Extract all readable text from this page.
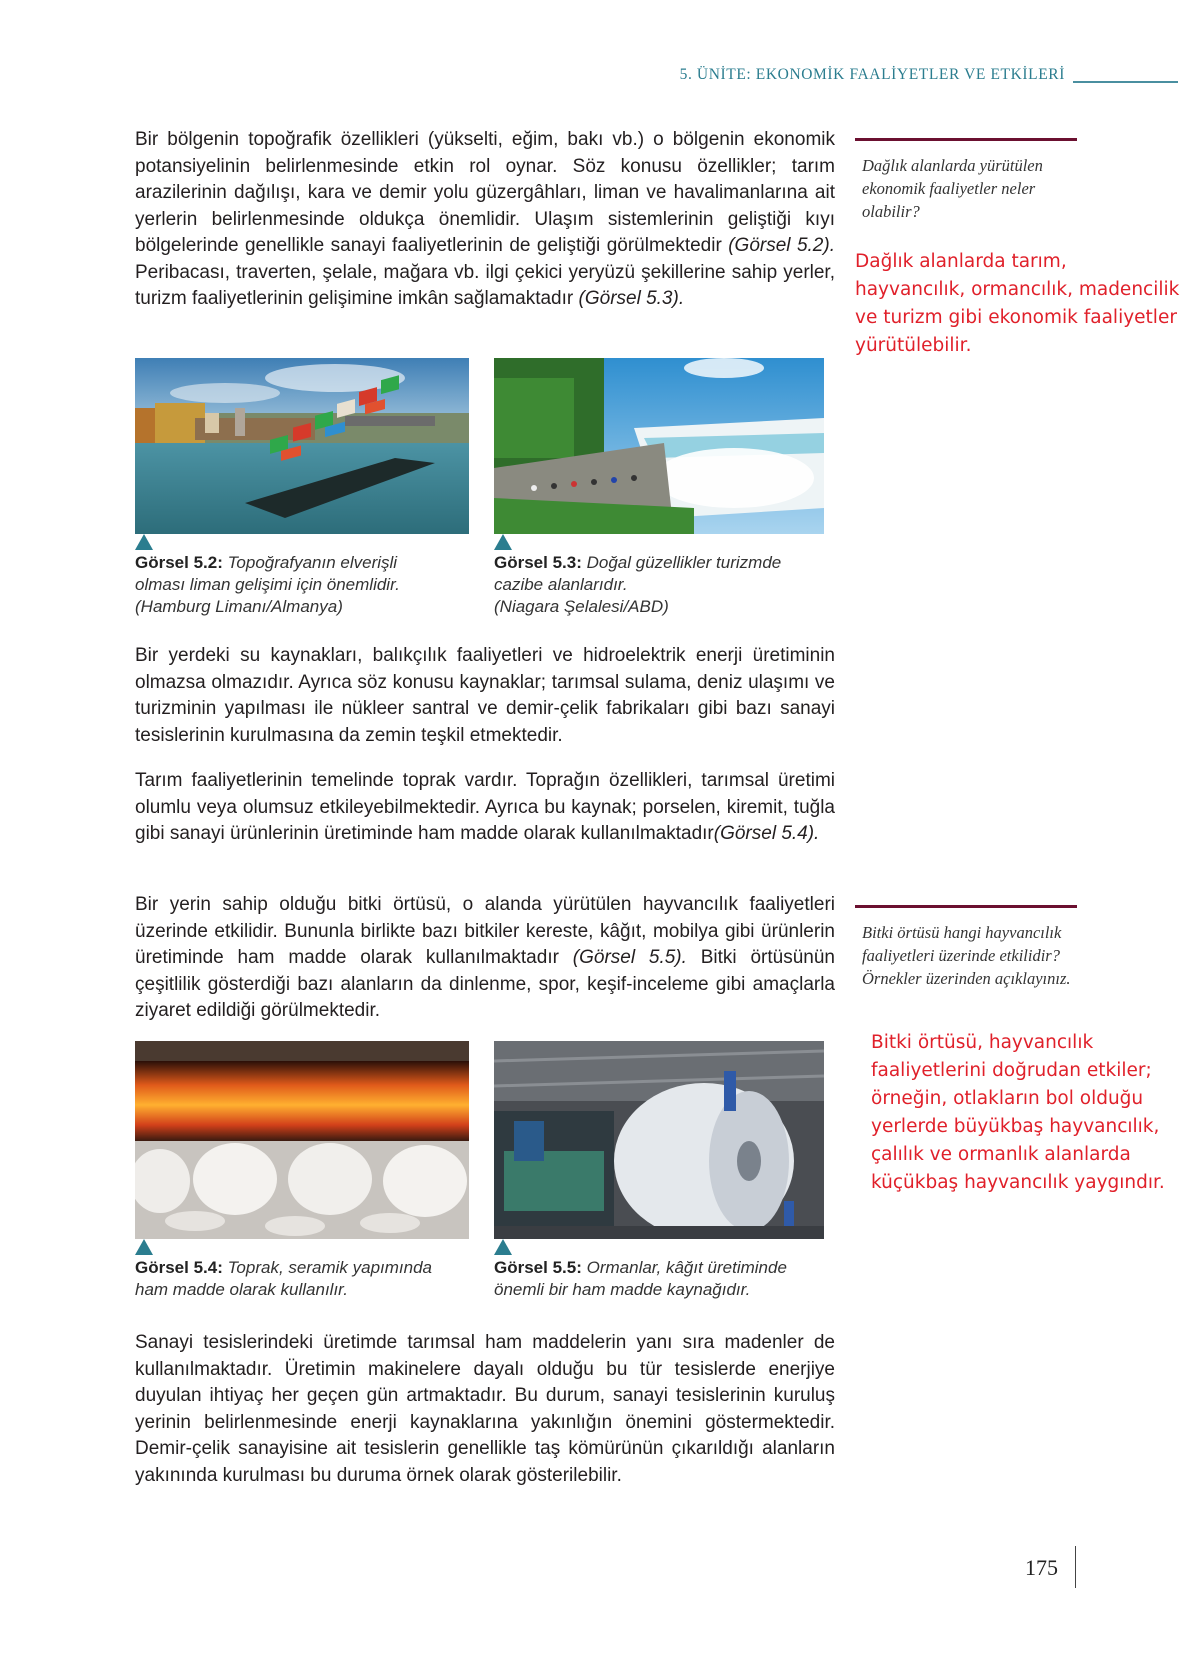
5. ÜNİTE: EKONOMİK FAALİYETLER VE ETKİLERİ

Bir bölgenin topoğrafik özellikleri (yükselti, eğim, bakı vb.) o bölgenin ekonomik potansiyelinin belirlenmesinde etkin rol oynar. Söz konusu özellikler; tarım arazilerinin dağılışı, kara ve demir yolu güzergâhları, liman ve havalimanlarına ait yerlerin belirlenmesinde oldukça önemlidir. Ulaşım sistemlerinin geliştiği kıyı bölgelerinde genellikle sanayi faaliyetlerinin de geliştiği görülmektedir (Görsel 5.2). Peribacası, traverten, şelale, mağara vb. ilgi çekici yeryüzü şekillerine sahip yerler, turizm faaliyetlerinin gelişimine imkân sağlamaktadır (Görsel 5.3).

Görsel 5.2: Topoğrafyanın elverişli olması liman gelişimi için önemlidir.
(Hamburg Limanı/Almanya)
Görsel 5.3: Doğal güzellikler turizmde cazibe alanlarıdır.
(Niagara Şelalesi/ABD)

Bir yerdeki su kaynakları, balıkçılık faaliyetleri ve hidroelektrik enerji üretiminin olmazsa olmazıdır. Ayrıca söz konusu kaynaklar; tarımsal sulama, deniz ulaşımı ve turizminin yapılması ile nükleer santral ve demir-çelik fabrikaları gibi bazı sanayi tesislerinin kurulmasına da zemin teşkil etmektedir.

Tarım faaliyetlerinin temelinde toprak vardır. Toprağın özellikleri, tarımsal üretimi olumlu veya olumsuz etkileyebilmektedir. Ayrıca bu kaynak; porselen, kiremit, tuğla gibi sanayi ürünlerinin üretiminde ham madde olarak kullanılmaktadır(Görsel 5.4).

Bir yerin sahip olduğu bitki örtüsü, o alanda yürütülen hayvancılık faaliyetleri üzerinde etkilidir. Bununla birlikte bazı bitkiler kereste, kâğıt, mobilya gibi ürünlerin üretiminde ham madde olarak kullanılmaktadır (Görsel 5.5). Bitki örtüsünün çeşitlilik gösterdiği bazı alanların da dinlenme, spor, keşif-inceleme gibi amaçlarla ziyaret edildiği görülmektedir.

Görsel 5.4: Toprak, seramik yapımında ham madde olarak kullanılır.
Görsel 5.5: Ormanlar, kâğıt üretiminde önemli bir ham madde kaynağıdır.

Sanayi tesislerindeki üretimde tarımsal ham maddelerin yanı sıra madenler de kullanılmaktadır. Üretimin makinelere dayalı olduğu bu tür tesislerde enerjiye duyulan ihtiyaç her geçen gün artmaktadır. Bu durum, sanayi tesislerinin kuruluş yerinin belirlenmesinde enerji kaynaklarına yakınlığın önemini göstermektedir. Demir-çelik sanayisine ait tesislerin genellikle taş kömürünün çıkarıldığı alanların yakınında kurulması bu duruma örnek olarak gösterilebilir.

Dağlık alanlarda yürütülen ekonomik faaliyetler neler olabilir?
Dağlık alanlarda tarım, hayvancılık, ormancılık, madencilik ve turizm gibi ekonomik faaliyetler yürütülebilir.
Bitki örtüsü hangi hayvancılık faaliyetleri üzerinde etkilidir? Örnekler üzerinden açıklayınız.
Bitki örtüsü, hayvancılık faaliyetlerini doğrudan etkiler; örneğin, otlakların bol olduğu yerlerde büyükbaş hayvancılık, çalılık ve ormanlık alanlarda küçükbaş hayvancılık yaygındır.
175
